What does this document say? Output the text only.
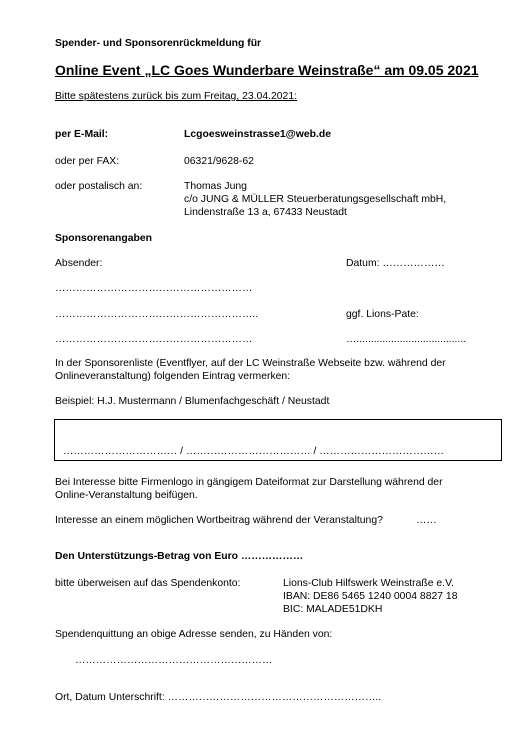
Spender- und Sponsorenrückmeldung für
Online Event „LC Goes Wunderbare Weinstraße“ am 09.05 2021
Bitte spätestens zurück bis zum Freitag, 23.04.2021:
per E-Mail:	Lcgoesweinstrasse1@web.de
oder per FAX:	06321/9628-62
oder postalisch an:	Thomas Jung
c/o JUNG & MÜLLER Steuerberatungsgesellschaft mbH,
Lindenstraße 13 a, 67433 Neustadt
Sponsorenangaben
Absender:	Datum: ………………
…………………………………………………
…………………………………………………..	ggf. Lions-Pate:
…………………………………………………	…......................................
In der Sponsorenliste (Eventflyer, auf der LC Weinstraße Webseite bzw. während der
Onlineveranstaltung) folgenden Eintrag vermerken:
Beispiel: H.J. Mustermann / Blumenfachgeschäft / Neustadt
…………………………… / ……………………………… / ………………………………
Bei Interesse bitte Firmenlogo in gängigem Dateiformat zur Darstellung während der
Online-Veranstaltung beifügen.
Interesse an einem möglichen Wortbeitrag während der Veranstaltung?	……
Den Unterstützungs-Betrag von Euro ………………
bitte überweisen auf das Spendenkonto:	Lions-Club Hilfswerk Weinstraße e.V.
IBAN: DE86 5465 1240 0004 8827 18
BIC: MALADE51DKH
Spendenquittung an obige Adresse senden, zu Händen von:
…………………………………………………
Ort, Datum Unterschrift: ……………………………………………………..
